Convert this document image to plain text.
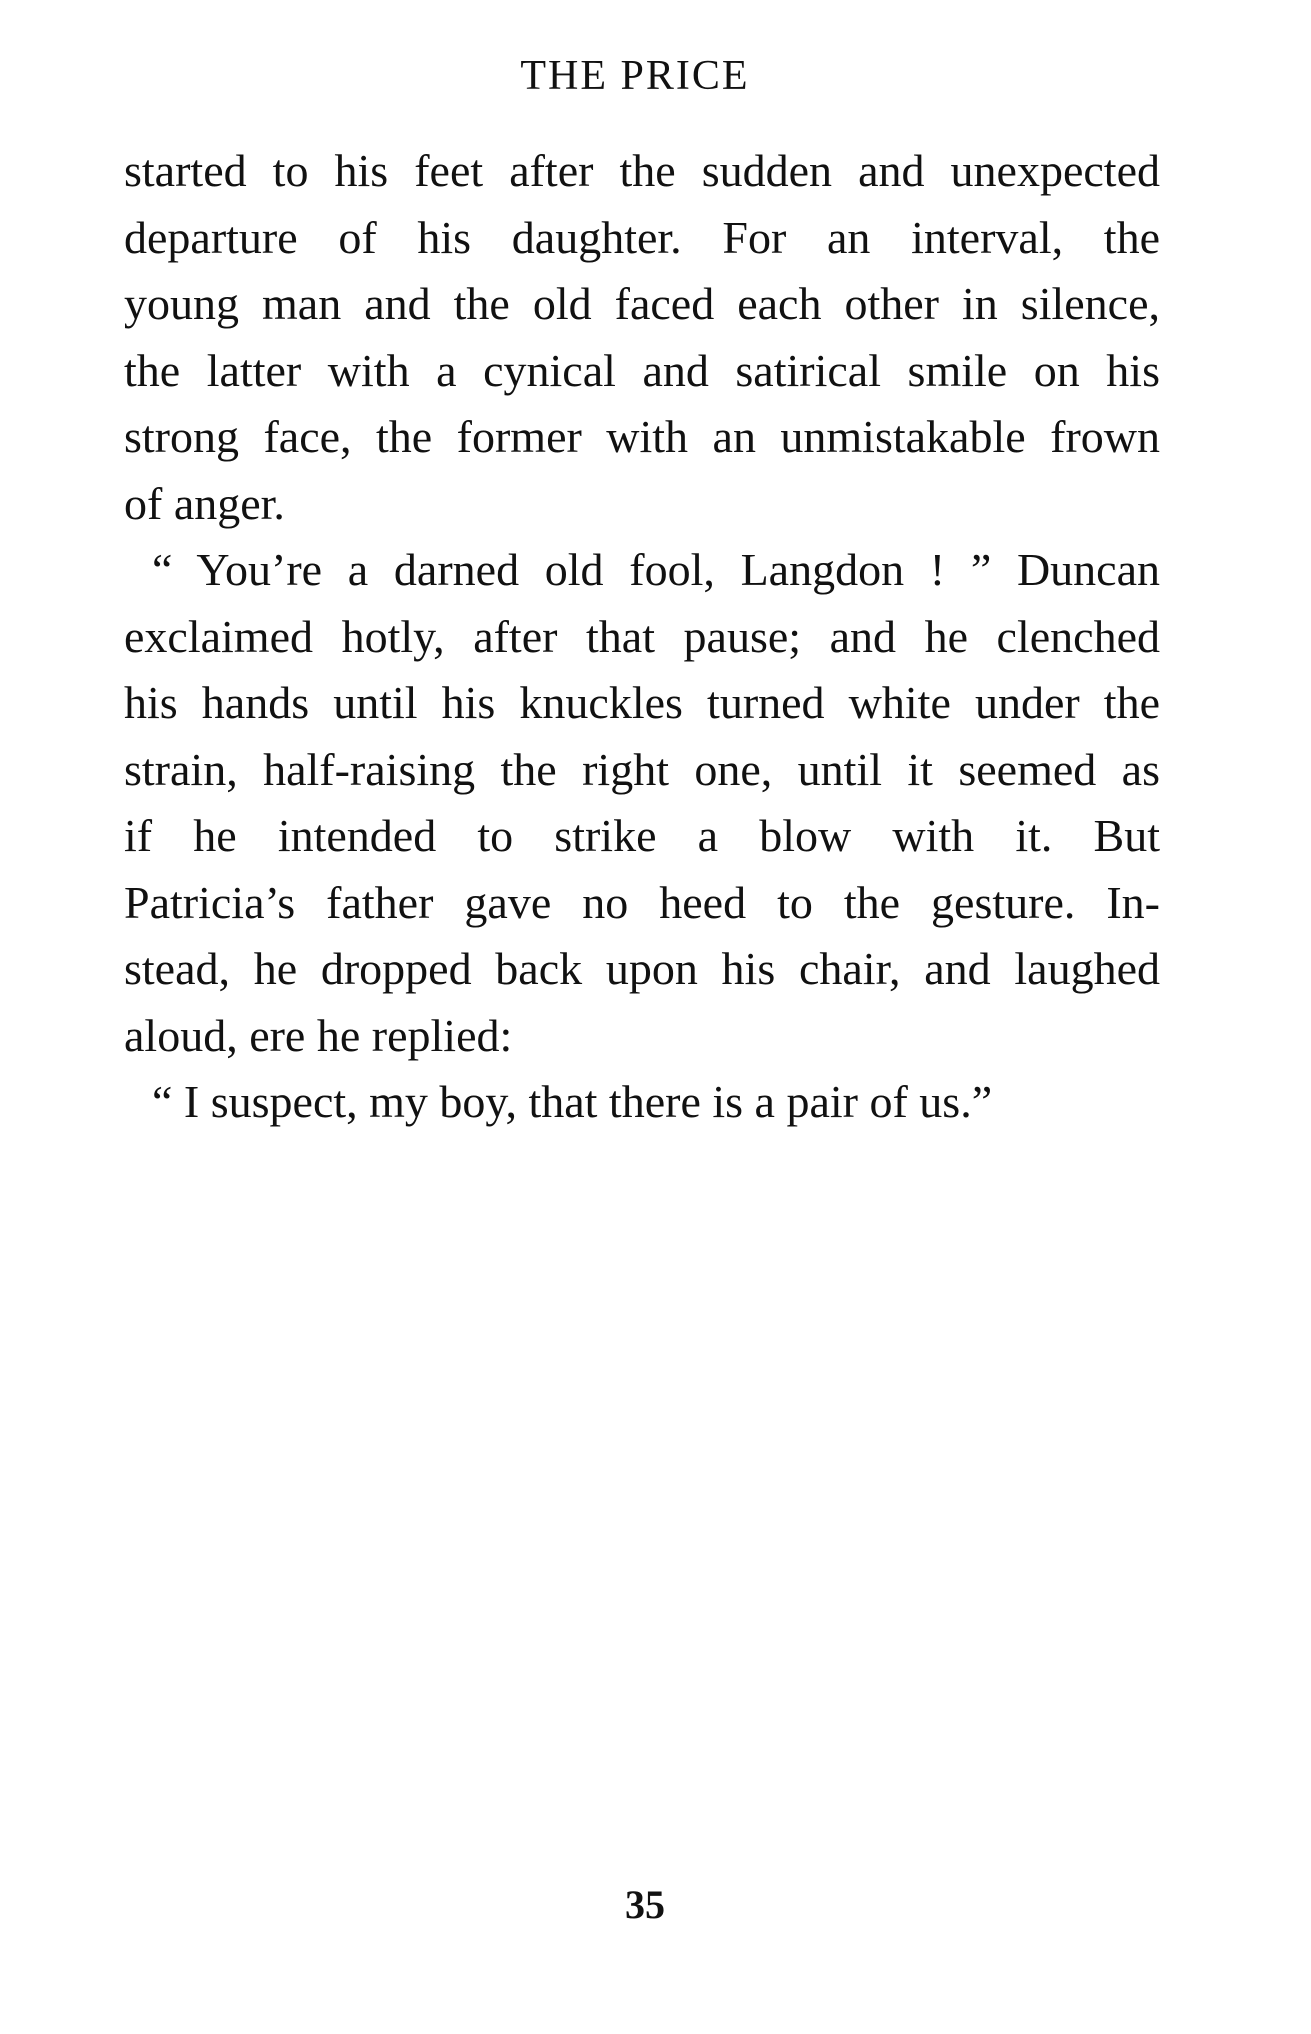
THE PRICE

started to his feet after the sudden and unexpected
departure of his daughter. For an interval, the
young man and the old faced each other in silence,
the latter with a cynical and satirical smile on his
strong face, the former with an unmistakable frown
of anger.

“ You’re a darned old fool, Langdon ! ” Duncan
exclaimed hotly, after that pause; and he clenched
his hands until his knuckles turned white under the
strain, half-raising the right one, until it seemed as
if he intended to strike a blow with it. But
Patricia’s father gave no heed to the gesture. In-
stead, he dropped back upon his chair, and laughed
aloud, ere he replied:

“ I suspect, my boy, that there is a pair of us.”

35
